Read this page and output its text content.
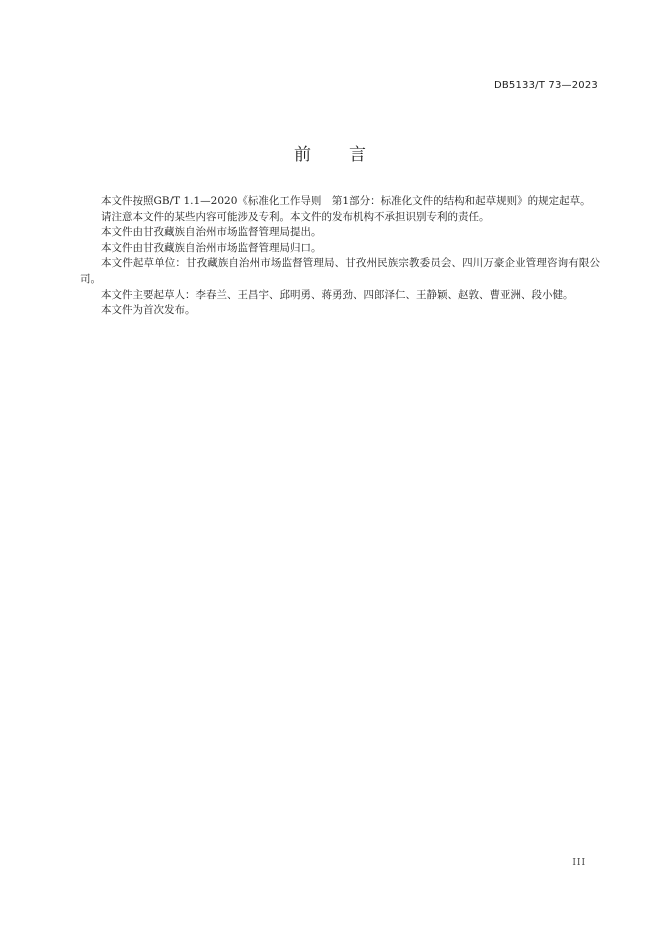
DB5133/T 73—2023
前 言

本文件按照GB/T 1.1—2020《标准化工作导则　第1部分：标准化文件的结构和起草规则》的规定起草。

请注意本文件的某些内容可能涉及专利。本文件的发布机构不承担识别专利的责任。

本文件由甘孜藏族自治州市场监督管理局提出。

本文件由甘孜藏族自治州市场监督管理局归口。

本文件起草单位：甘孜藏族自治州市场监督管理局、甘孜州民族宗教委员会、四川万豪企业管理咨询有限公司。

本文件主要起草人：李春兰、王昌宇、邱明勇、蒋勇劲、四郎泽仁、王静颖、赵敦、曹亚洲、段小健。

本文件为首次发布。

III
